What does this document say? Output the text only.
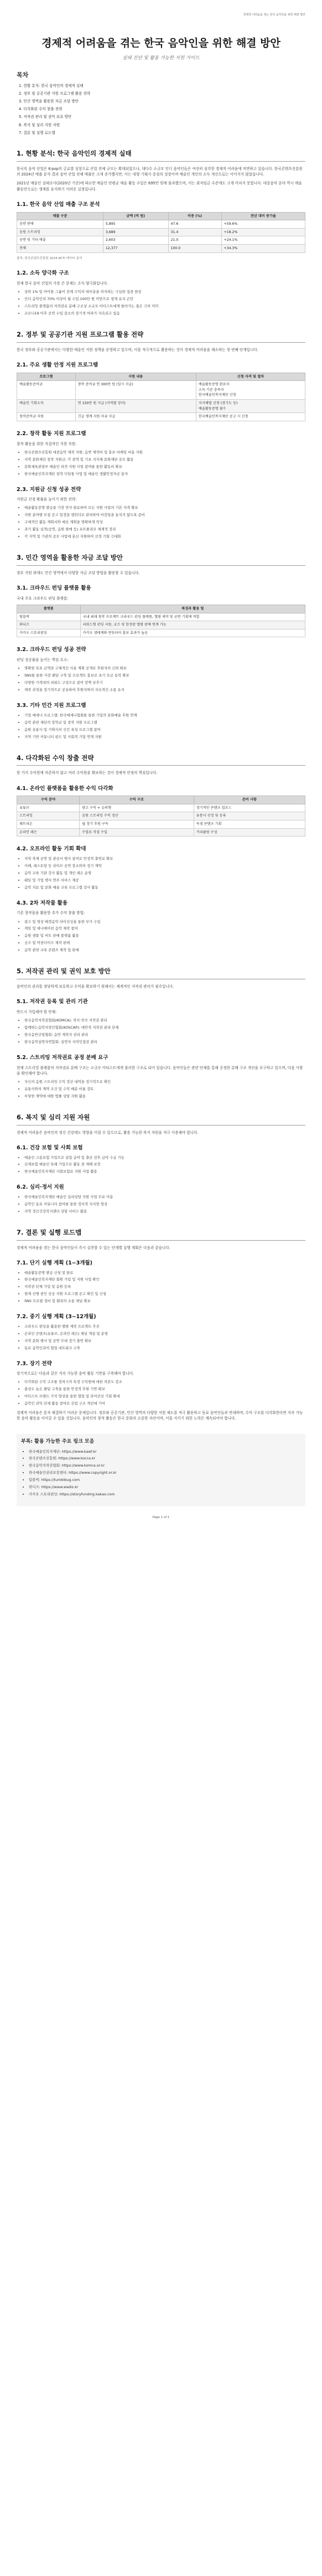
경제적 어려움을 겪는 한국 음악인을 위한 해결 방안
경제적 어려움을 겪는 한국 음악인을 위한 해결 방안
실태 진단 및 활용 가능한 지원 가이드
목차
1. 현황 분석: 한국 음악인의 경제적 실태
2. 정부 및 공공기관 지원 프로그램 활용 전략
3. 민간 영역을 활용한 자금 조달 방안
4. 다각화된 수익 창출 전략
5. 저작권 관리 및 권익 보호 방안
6. 복지 및 심리 지원 자원
7. 결론 및 실행 로드맵
1. 현황 분석: 한국 음악인의 경제적 실태

한국의 음악 산업은 K-pop의 글로벌 성장으로 산업 전체 규모는 확대되었으나, 대다수 소규모 인디 음악인들은 여전히 심각한 경제적 어려움에 직면하고 있습니다. 한국콘텐츠진흥원의 2024년 매출 분석 결과 음악 산업 전체 매출은 크게 증가했지만, 이는 대형 기획사 중심의 성장이며 예술인 개인의 소득 개선으로는 이어지지 않았습니다.

2021년 예술인 실태조사(2020년 기준)에 따르면 예술인 연평균 예술 활동 수입은 695만 원에 불과했으며, 이는 최저임금 수준에도 크게 미치지 못합니다. 대중음악 분야 역시 예술 활동만으로는 생계를 유지하기 어려운 실정입니다.

1.1. 한국 음악 산업 매출 구조 분석
매출 구분	금액 (억 원)	비중 (%)	전년 대비 증가율
음반 판매	5,895	47.6	+59.6%
음원 스트리밍	3,689	31.4	+18.2%
공연 및 기타 매출	2,603	21.0	+24.1%
전체	12,377	100.0	+34.3%
출처: 한국콘텐츠진흥원 2024 KCTI 데이터 분석
1.2. 소득 양극화 구조

현재 한국 음악 산업의 가장 큰 문제는 소득 양극화입니다.

• 상위 1% 및 아이돌 그룹이 전체 수익의 대부분을 차지하는 극심한 집중 현상
• 인디 음악인의 70% 이상이 월 수입 100만 원 미만으로 생계 유지 곤란
• 스트리밍 플랫폼의 저작권료 분배 구조상 소규모 아티스트에게 돌아가는 몫은 극히 미미
• 코로나19 이후 공연 수입 감소의 장기적 여파가 지속되고 있음
2. 정부 및 공공기관 지원 프로그램 활용 전략

한국 정부와 공공기관에서는 다양한 예술인 지원 정책을 운영하고 있으며, 이를 적극적으로 활용하는 것이 경제적 어려움을 해소하는 첫 번째 단계입니다.

2.1. 주요 생활 안정 지원 프로그램
프로그램	지원 내용	신청 자격 및 절차
예술활동준비금	창작 준비금 연 300만 원 (일시 지급)	예술활동증명 완료자
소득 기준 충족자
한국예술인복지재단 신청
예술인 기회소득	연 150만 원 지급 (지역별 상이)	지자체별 신청 (경기도 등)
예술활동증명 필수
창작준비금 지원	긴급 생계 지원 자금 지급	한국예술인복지재단 공고 시 신청
2.2. 창작 활동 지원 프로그램

창작 활동을 위한 직접적인 지원 자원:

• 한국콘텐츠진흥원 대중음악 제작 지원: 음반 제작비 및 홍보 마케팅 비용 지원
• 지역 문화재단 창작 지원금: 각 광역 및 기초 지자체 문화재단 공모 활용
• 문화체육관광부 예술인 파견 지원 사업 참여를 통한 활동비 확보
• 한국예술인복지재단 창작 디딤돌 사업 및 예술인 생활안정자금 융자
2.3. 지원금 신청 성공 전략

지원금 선정 확률을 높이기 위한 전략:

• 예술활동증명 발급을 가장 먼저 완료하여 모든 지원 사업의 기본 자격 확보
• 지원 분야별 모집 공고 일정을 캘린더로 관리하여 마감일을 놓치지 않도록 준비
• 구체적인 활동 계획서와 예산 계획을 명확하게 작성
• 과거 활동 실적(공연, 음원 발매 등) 포트폴리오 체계적 정리
• 각 지역 및 기관의 공모 사업에 분산 지원하여 선정 기회 극대화
3. 민간 영역을 활용한 자금 조달 방안

정부 지원 외에도 민간 영역에서 다양한 자금 조달 방법을 활용할 수 있습니다.

3.1. 크라우드 펀딩 플랫폼 활용

국내 주요 크라우드 펀딩 플랫폼:

플랫폼	특징과 활용 팁
텀블벅	국내 최대 창작 프로젝트 크라우드 펀딩 플랫폼, 앨범 제작 및 공연 기획에 적합
와디즈	리워드형 펀딩 지원, 굿즈 및 한정판 앨범 판매 연계 가능
카카오 스토리펀딩	카카오 생태계와 연동되어 홍보 효과가 높음
3.2. 크라우드 펀딩 성공 전략

펀딩 성공률을 높이는 핵심 요소:

• 명확한 목표 금액과 구체적인 사용 계획 공개로 후원자의 신뢰 확보
• SNS를 통한 사전 팬덤 구축 및 프로젝트 홍보로 초기 모금 동력 확보
• 다양한 가격대의 리워드 구성으로 참여 장벽 낮추기
• 제작 과정을 정기적으로 공유하여 후원자와의 지속적인 소통 유지
3.3. 기타 민간 지원 프로그램
• 기업 메세나 프로그램: 한국메세나협회를 통한 기업의 문화예술 후원 연계
• 음악 관련 재단의 장학금 및 창작 지원 프로그램
• 음원 유통사 및 기획사의 신인 육성 프로그램 참여
• 지역 기반 커뮤니티 펀드 및 사회적 기업 연계 지원
4. 다각화된 수익 창출 전략

한 가지 수익원에 의존하지 않고 여러 수익원을 확보하는 것이 경제적 안정의 핵심입니다.

4.1. 온라인 플랫폼을 활용한 수익 다각화
수익 분야	수익 구조	준비 사항
유튜브	광고 수익 + 슈퍼챗	정기적인 콘텐츠 업로드
스트리밍	음원 스트리밍 수익 정산	유통사 선정 및 등록
패트리온	월 정기 후원 구독	독점 콘텐츠 기획
온라인 레슨	수업료 직접 수입	커리큘럼 구성
4.2. 오프라인 활동 기회 확대
• 지역 축제 공연 및 관공서 행사 참여로 안정적 출연료 확보
• 카페, 레스토랑 등 라이브 공연 장소와의 정기 계약
• 음악 교육 기관 강사 활동 및 개인 레슨 운영
• 웨딩 및 기업 행사 연주 서비스 제공
• 음악 치료 및 문화 예술 교육 프로그램 강사 활동
4.3. 2차 저작물 활용

기존 창작물을 활용한 추가 수익 창출 방법:

• 광고 및 영상 배경음악 라이선싱을 통한 부가 수입
• 게임 및 애니메이션 음악 제작 참여
• 음원 샘플 및 비트 판매 플랫폼 활용
• 굿즈 및 머천다이즈 제작 판매
• 음악 관련 교육 콘텐츠 제작 및 판매
5. 저작권 관리 및 권익 보호 방안

음악인의 권리를 정당하게 보호하고 수익을 확보하기 위해서는 체계적인 저작권 관리가 필수입니다.

5.1. 저작권 등록 및 관리 기관

반드시 가입해야 할 단체:

• 한국음악저작권협회(KOMCA): 작사·작곡 저작권 관리
• 함께하는음악저작인협회(KOSCAP): 대안적 저작권 관리 단체
• 한국음반산업협회: 음반 제작자 권리 관리
• 한국음악실연자연합회: 실연자 저작인접권 관리
5.2. 스트리밍 저작권료 공정 분배 요구

현재 스트리밍 플랫폼의 저작권료 분배 구조는 소규모 아티스트에게 불리한 구조로 되어 있습니다. 음악인들은 관련 단체를 통해 공정한 분배 구조 개선을 요구하고 있으며, 다음 사항을 확인해야 합니다.

• 자신의 음원 스트리밍 수익 정산 내역을 정기적으로 확인
• 유통사와의 계약 조건 및 수익 배분 비율 검토
• 부당한 계약에 대한 법률 상담 지원 활용
6. 복지 및 심리 지원 자원

경제적 어려움은 음악인의 정신 건강에도 영향을 미칠 수 있으므로, 활용 가능한 복지 자원을 적극 이용해야 합니다.

6.1. 건강 보험 및 사회 보험
• 예술인 고용보험 가입으로 실업 급여 및 출산 전후 급여 수급 가능
• 산재보험 예술인 특례 가입으로 활동 중 재해 보장
• 한국예술인복지재단 사회보험료 지원 사업 활용
6.2. 심리·정서 지원
• 한국예술인복지재단 예술인 심리상담 지원 사업 무료 이용
• 음악인 동료 커뮤니티 참여를 통한 정서적 지지망 형성
• 지역 정신건강복지센터 상담 서비스 활용
7. 결론 및 실행 로드맵

경제적 어려움을 겪는 한국 음악인들이 즉시 실천할 수 있는 단계별 실행 계획은 다음과 같습니다.

7.1. 단기 실행 계획 (1~3개월)
• 예술활동증명 발급 신청 및 완료
• 한국예술인복지재단 회원 가입 및 지원 사업 확인
• 저작권 단체 가입 및 음원 등록
• 현재 진행 중인 공공 지원 프로그램 공고 확인 및 신청
• SNS 프로필 정비 및 팬과의 소통 채널 확보
7.2. 중기 실행 계획 (3~12개월)
• 크라우드 펀딩을 활용한 앨범 제작 프로젝트 추진
• 온라인 콘텐츠(유튜브, 온라인 레슨) 채널 개설 및 운영
• 지역 문화 행사 및 공연 무대 정기 출연 확보
• 동료 음악인과의 협업 네트워크 구축
7.3. 장기 전략

장기적으로는 다음과 같은 지속 가능한 음악 활동 기반을 구축해야 합니다.

• 다각화된 수익 구조를 정착시켜 특정 수익원에 대한 의존도 감소
• 충성도 높은 팬덤 구축을 통한 안정적 후원 기반 확보
• 아티스트 브랜드 가치 향상을 통한 협업 및 라이선싱 기회 확대
• 음악인 권익 단체 활동 참여로 산업 구조 개선에 기여

경제적 어려움은 혼자 해결하기 어려운 문제입니다. 정부와 공공기관, 민간 영역의 다양한 지원 제도를 적극 활용하고 동료 음악인들과 연대하며, 수익 구조를 다각화한다면 지속 가능한 음악 활동을 이어갈 수 있을 것입니다. 음악인의 창작 활동은 한국 문화의 소중한 자산이며, 이를 지키기 위한 노력은 계속되어야 합니다.

부록: 활용 가능한 주요 링크 모음
• 한국예술인복지재단: https://www.kawf.kr
• 한국콘텐츠진흥원: https://www.kocca.kr
• 한국음악저작권협회: https://www.komca.or.kr
• 한국예술인권리보장센터: https://www.copyright.or.kr
• 텀블벅: https://tumblbug.com
• 와디즈: https://www.wadiz.kr
• 카카오 스토리펀딩: https://storyfunding.kakao.com
Page 1 of 1
